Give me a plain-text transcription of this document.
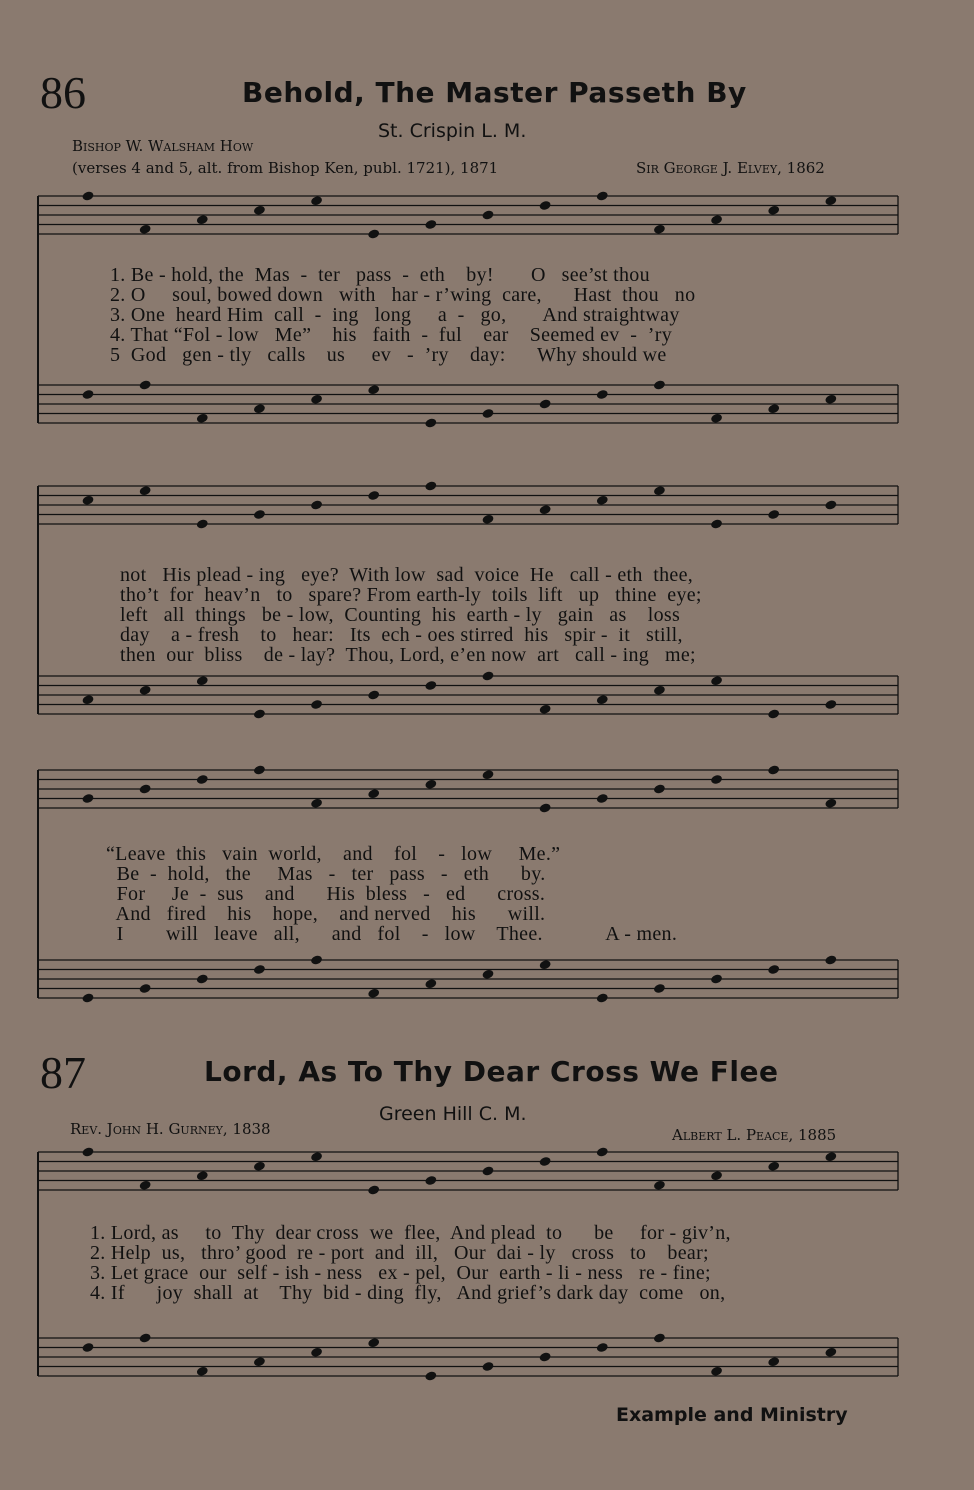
86	Behold, The Master Passeth By
St. Crispin L. M.
Bishop W. Walsham How
(verses 4 and 5, alt. from Bishop Ken, publ. 1721), 1871	Sir George J. Elvey, 1862
1. Be - hold, the  Mas  -  ter   pass  -  eth    by!       O   see’st thou
2. O     soul, bowed down   with   har - r’wing  care,      Hast  thou   no
3. One  heard Him  call  -  ing   long     a  -   go,       And straightway
4. That “Fol - low   Me”    his   faith  -  ful    ear    Seemed ev  -  ’ry
5  God   gen - tly   calls    us     ev   -  ’ry    day:      Why should we
not   His plead - ing   eye?  With low  sad  voice  He   call - eth  thee,
tho’t  for  heav’n   to   spare? From earth-ly  toils  lift   up   thine  eye;
left   all  things   be - low,  Counting  his  earth - ly   gain   as    loss
day    a - fresh    to   hear:   Its  ech - oes stirred  his   spir -  it   still,
then  our  bliss    de - lay?  Thou, Lord, e’en now  art   call - ing   me;
“Leave  this   vain  world,    and    fol    -   low     Me.”
Be  -  hold,   the     Mas   -   ter   pass   -   eth      by.
For     Je  -  sus    and      His  bless   -   ed      cross.
And   fired    his    hope,    and nerved    his      will.
I        will   leave   all,      and   fol    -   low    Thee.            A - men.
87	Lord, As To Thy Dear Cross We Flee
Green Hill C. M.
Rev. John H. Gurney, 1838	Albert L. Peace, 1885
1. Lord, as     to  Thy  dear cross  we  flee,  And plead  to      be     for - giv’n,
2. Help  us,   thro’ good  re - port  and  ill,   Our  dai - ly   cross   to    bear;
3. Let grace  our  self - ish - ness   ex - pel,  Our  earth - li - ness   re - fine;
4. If      joy  shall  at    Thy  bid - ding  fly,   And grief’s dark day  come   on,
Example and Ministry
